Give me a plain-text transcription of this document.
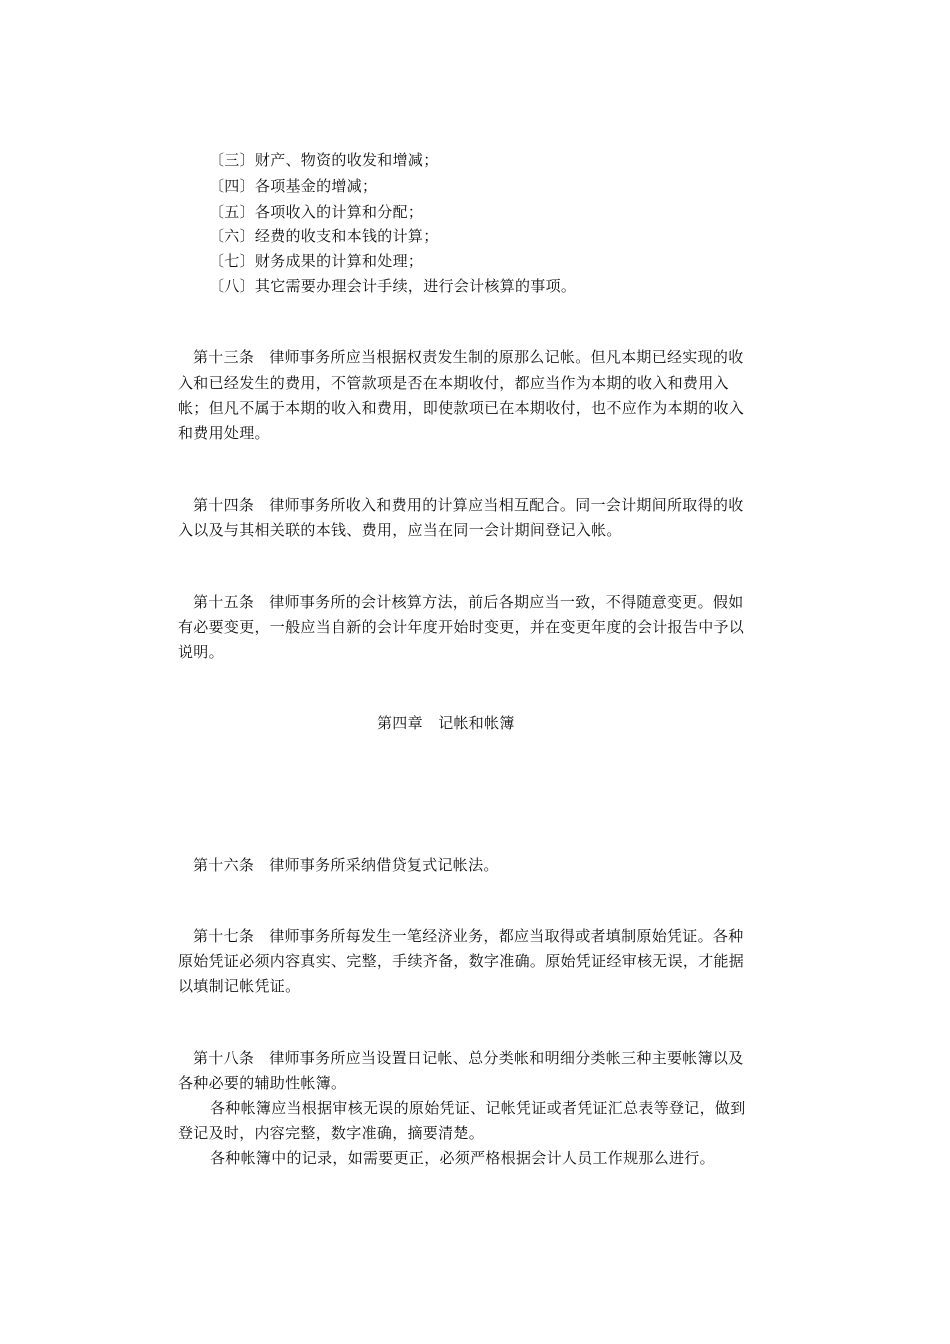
〔三〕财产、物资的收发和增减；
〔四〕各项基金的增减；
〔五〕各项收入的计算和分配；
〔六〕经费的收支和本钱的计算；
〔七〕财务成果的计算和处理；
〔八〕其它需要办理会计手续，进行会计核算的事项。
第十三条 律师事务所应当根据权责发生制的原那么记帐。但凡本期已经实现的收
入和已经发生的费用，不管款项是否在本期收付，都应当作为本期的收入和费用入
帐；但凡不属于本期的收入和费用，即使款项已在本期收付，也不应作为本期的收入
和费用处理。
第十四条 律师事务所收入和费用的计算应当相互配合。同一会计期间所取得的收
入以及与其相关联的本钱、费用，应当在同一会计期间登记入帐。
第十五条 律师事务所的会计核算方法，前后各期应当一致，不得随意变更。假如
有必要变更，一般应当自新的会计年度开始时变更，并在变更年度的会计报告中予以
说明。
第四章　记帐和帐簿
第十六条 律师事务所采纳借贷复式记帐法。
第十七条 律师事务所每发生一笔经济业务，都应当取得或者填制原始凭证。各种
原始凭证必须内容真实、完整，手续齐备，数字准确。原始凭证经审核无误，才能据
以填制记帐凭证。
第十八条 律师事务所应当设置日记帐、总分类帐和明细分类帐三种主要帐簿以及
各种必要的辅助性帐簿。
各种帐簿应当根据审核无误的原始凭证、记帐凭证或者凭证汇总表等登记，做到
登记及时，内容完整，数字准确，摘要清楚。
各种帐簿中的记录，如需要更正，必须严格根据会计人员工作规那么进行。
